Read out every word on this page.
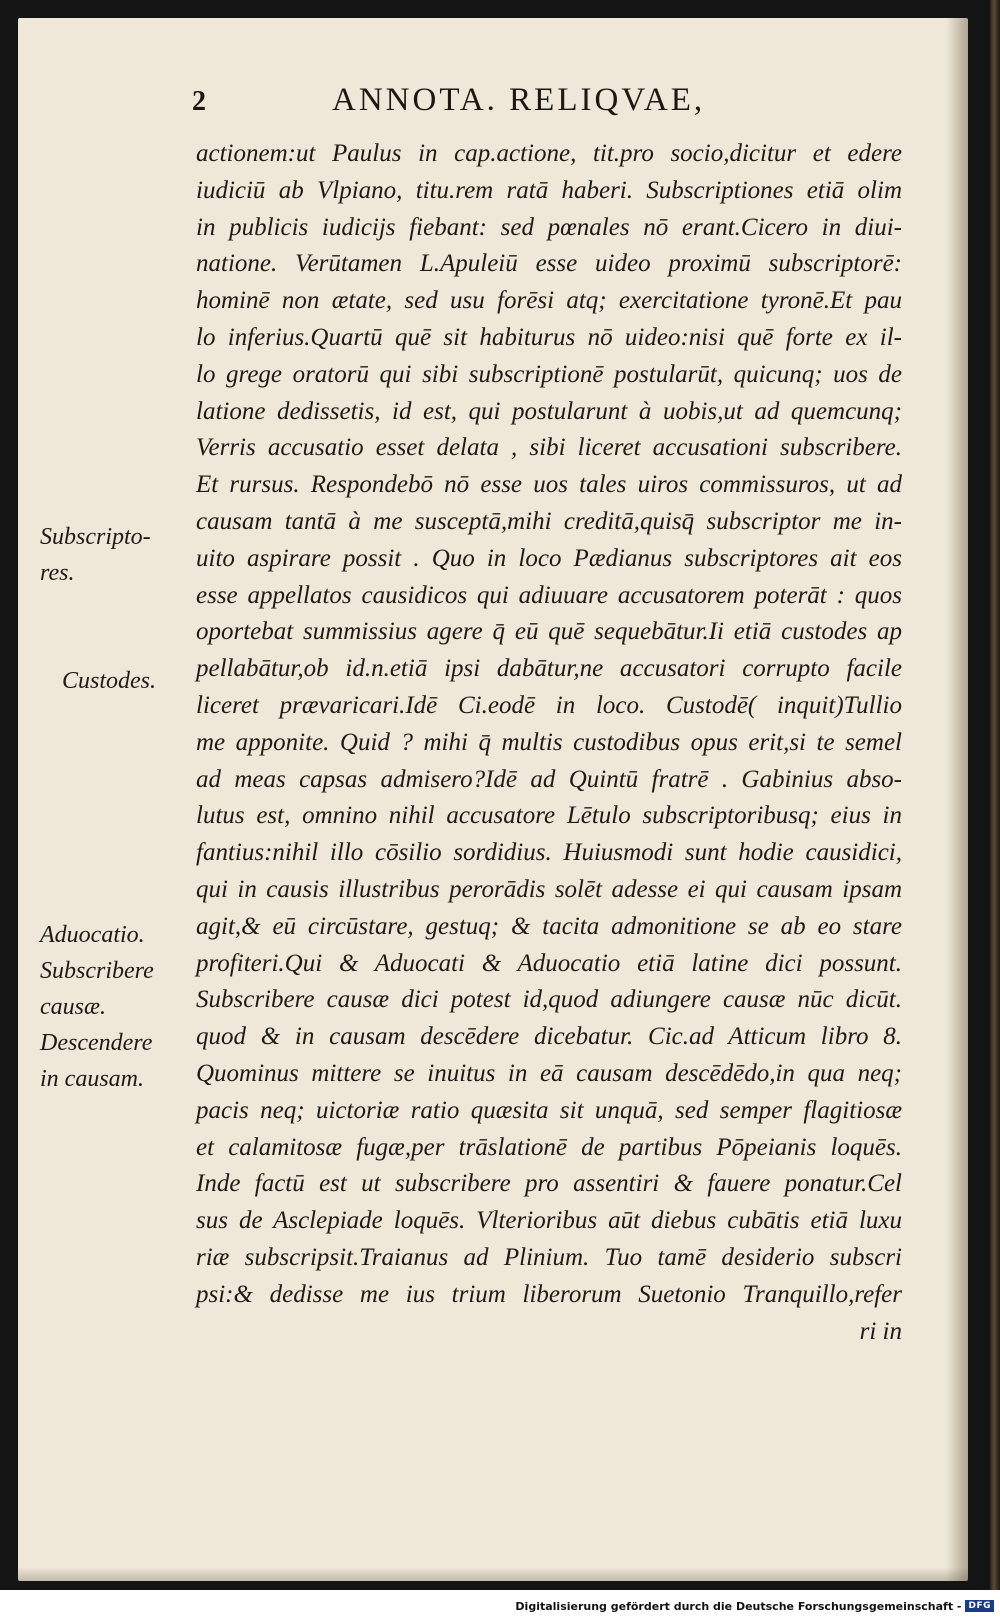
2	ANNOTA. RELIQVAE,
actionem:ut Paulus in cap.actione, tit.pro socio,dicitur et edere
iudiciū ab Vlpiano, titu.rem ratā haberi. Subscriptiones etiā olim
in publicis iudicijs fiebant: sed pœnales nō erant.Cicero in diui-
natione. Verūtamen L.Apuleiū esse uideo proximū subscriptorē:
hominē non ætate, sed usu forēsi atq; exercitatione tyronē.Et pau
lo inferius.Quartū quē sit habiturus nō uideo:nisi quē forte ex il-
lo grege oratorū qui sibi subscriptionē postularūt, quicunq; uos de
latione dedissetis, id est, qui postularunt à uobis,ut ad quemcunq;
Verris accusatio esset delata , sibi liceret accusationi subscribere.
Et rursus. Respondebō nō esse uos tales uiros commissuros, ut ad
causam tantā à me susceptā,mihi creditā,quisq̄ subscriptor me in-
uito aspirare possit . Quo in loco Pædianus subscriptores ait eos
esse appellatos causidicos qui adiuuare accusatorem poterāt : quos
oportebat summissius agere q̄ eū quē sequebātur.Ii etiā custodes ap
pellabātur,ob id.n.etiā ipsi dabātur,ne accusatori corrupto facile
liceret prævaricari.Idē Ci.eodē in loco. Custodē( inquit)Tullio
me apponite. Quid ? mihi q̄ multis custodibus opus erit,si te semel
ad meas capsas admisero?Idē ad Quintū fratrē . Gabinius abso-
lutus est, omnino nihil accusatore Lētulo subscriptoribusq; eius in
fantius:nihil illo cōsilio sordidius. Huiusmodi sunt hodie causidici,
qui in causis illustribus perorādis solēt adesse ei qui causam ipsam
agit,& eū circūstare, gestuq; & tacita admonitione se ab eo stare
profiteri.Qui & Aduocati & Aduocatio etiā latine dici possunt.
Subscribere causæ dici potest id,quod adiungere causæ nūc dicūt.
quod & in causam descēdere dicebatur. Cic.ad Atticum libro 8.
Quominus mittere se inuitus in eā causam descēdēdo,in qua neq;
pacis neq; uictoriæ ratio quæsita sit unquā, sed semper flagitiosæ
et calamitosæ fugæ,per trāslationē de partibus Pōpeianis loquēs.
Inde factū est ut subscribere pro assentiri & fauere ponatur.Cel
sus de Asclepiade loquēs. Vlterioribus aūt diebus cubātis etiā luxu
riæ subscripsit.Traianus ad Plinium. Tuo tamē desiderio subscri
psi:& dedisse me ius trium liberorum Suetonio Tranquillo,refer
ri in
Subscripto-
res.
Custodes.
Aduocatio.
Subscribere
causæ.
Descendere
in causam.
Digitalisierung gefördert durch die Deutsche Forschungsgemeinschaft - DFG
